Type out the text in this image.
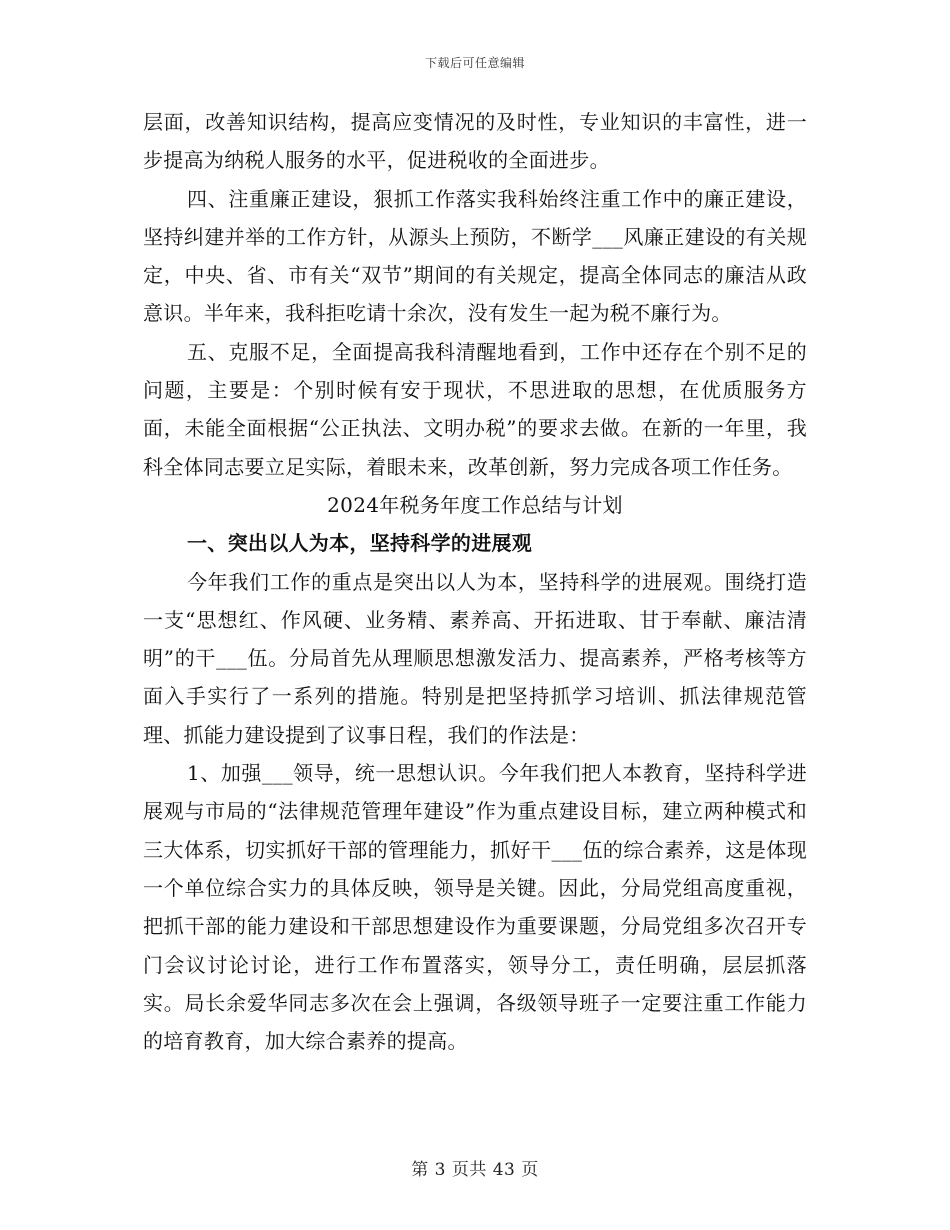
下载后可任意编辑

层面，改善知识结构，提高应变情况的及时性，专业知识的丰富性，进一步提高为纳税人服务的水平，促进税收的全面进步。

四、注重廉正建设，狠抓工作落实我科始终注重工作中的廉正建设，坚持纠建并举的工作方针，从源头上预防，不断学___风廉正建设的有关规定，中央、省、市有关“双节”期间的有关规定，提高全体同志的廉洁从政意识。半年来，我科拒吃请十余次，没有发生一起为税不廉行为。

五、克服不足，全面提高我科清醒地看到，工作中还存在个别不足的问题，主要是：个别时候有安于现状，不思进取的思想，在优质服务方面，未能全面根据“公正执法、文明办税”的要求去做。在新的一年里，我科全体同志要立足实际，着眼未来，改革创新，努力完成各项工作任务。

2024年税务年度工作总结与计划
一、突出以人为本，坚持科学的进展观

今年我们工作的重点是突出以人为本，坚持科学的进展观。围绕打造一支“思想红、作风硬、业务精、素养高、开拓进取、甘于奉献、廉洁清明”的干___伍。分局首先从理顺思想激发活力、提高素养，严格考核等方面入手实行了一系列的措施。特别是把坚持抓学习培训、抓法律规范管理、抓能力建设提到了议事日程，我们的作法是：

1、加强___领导，统一思想认识。今年我们把人本教育，坚持科学进展观与市局的“法律规范管理年建设”作为重点建设目标，建立两种模式和三大体系，切实抓好干部的管理能力，抓好干___伍的综合素养，这是体现一个单位综合实力的具体反映，领导是关键。因此，分局党组高度重视，把抓干部的能力建设和干部思想建设作为重要课题，分局党组多次召开专门会议讨论讨论，进行工作布置落实，领导分工，责任明确，层层抓落实。局长余爱华同志多次在会上强调，各级领导班子一定要注重工作能力的培育教育，加大综合素养的提高。

第 3 页共 43 页
